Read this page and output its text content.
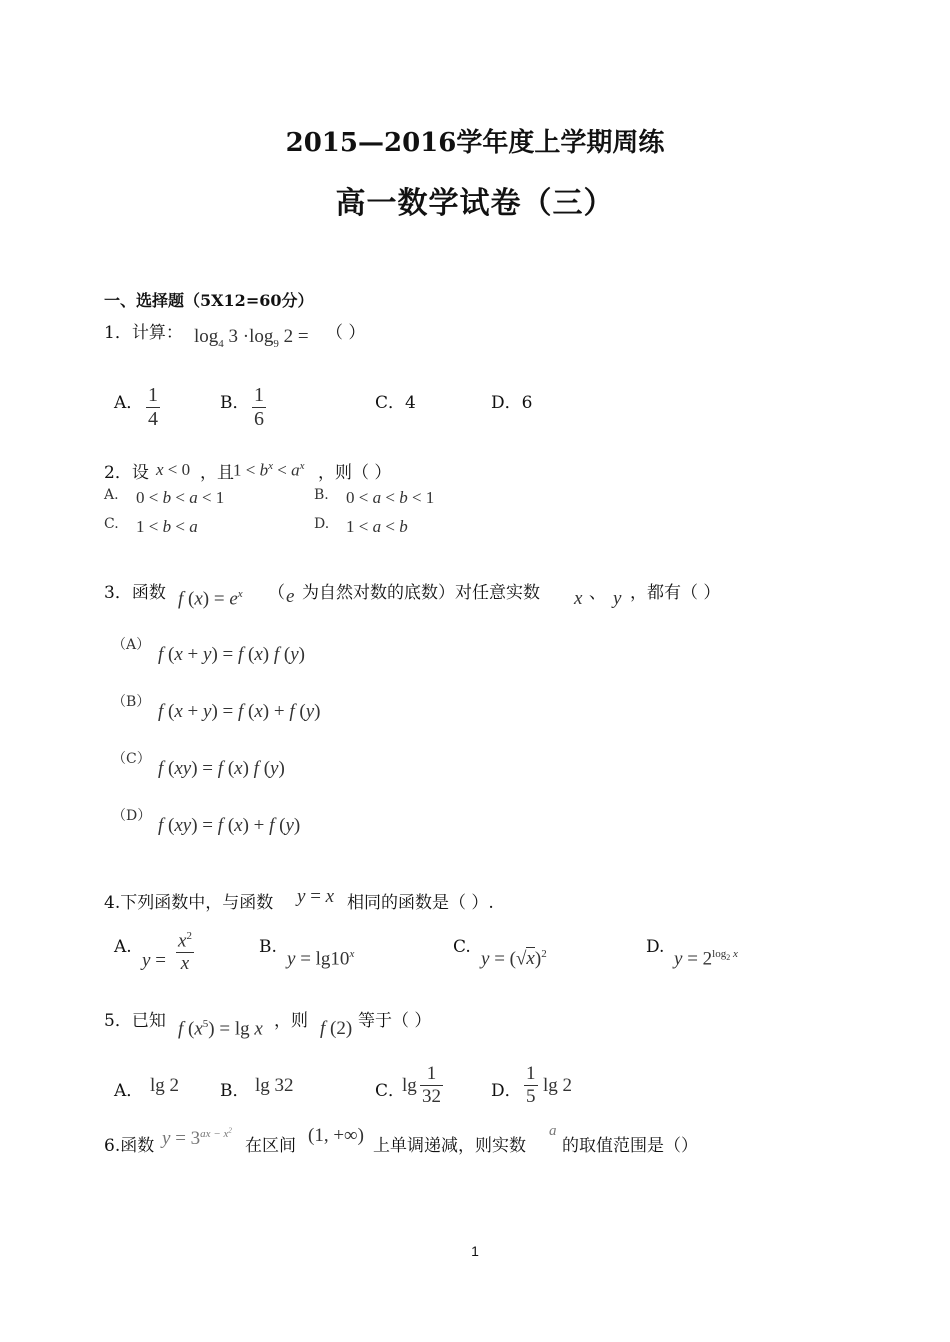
2015—2016学年度上学期周练
高一数学试卷（三）
一、选择题（5X12=60分）
1．计算： $\log_4 3 \cdot\log_9$ 2 = （ ）
A． $\frac{1}{4}$	B． $\frac{1}{6}$	C．4	D．6
2．设 x < 0 ，且 $1 < b^x < a^x$ ，则（ ）
A. 0 < b < a < 1	B. 0 < a < b < 1
C. 1 < b < a	D. 1 < a < b
3．函数 f $(x) = e^x$ （ e 为自然对数的底数）对任意实数 x 、 y ，都有（ ）
（A） f (x + y) = f (x) f (y)
（B） f (x + y) = f (x) + f (y)
（C） f (xy) = f (x) f (y)
（D） f (xy) = f (x) + f (y)
4.下列函数中，与函数 y = x 相同的函数是（ ）.
A.
$y = \frac{x^2}{x}$	B.
$y = \lg 10^x$	C.
$y = (√x)^2$	D.
$y = 2^{log_2 x}$
5．已知 f $(x^5) = \lg x$ ，则 f (2) 等于（ ）
A． lg 2 B． lg 32	C．
$\lg \frac{1}{32}$	D． $\frac{1}{5}$ lg 2
6.函数 $y = 3^{ax - x^2}$
在区间 (1, +∞) 上单调递减，则实数
a
的取值范围是（）
1
